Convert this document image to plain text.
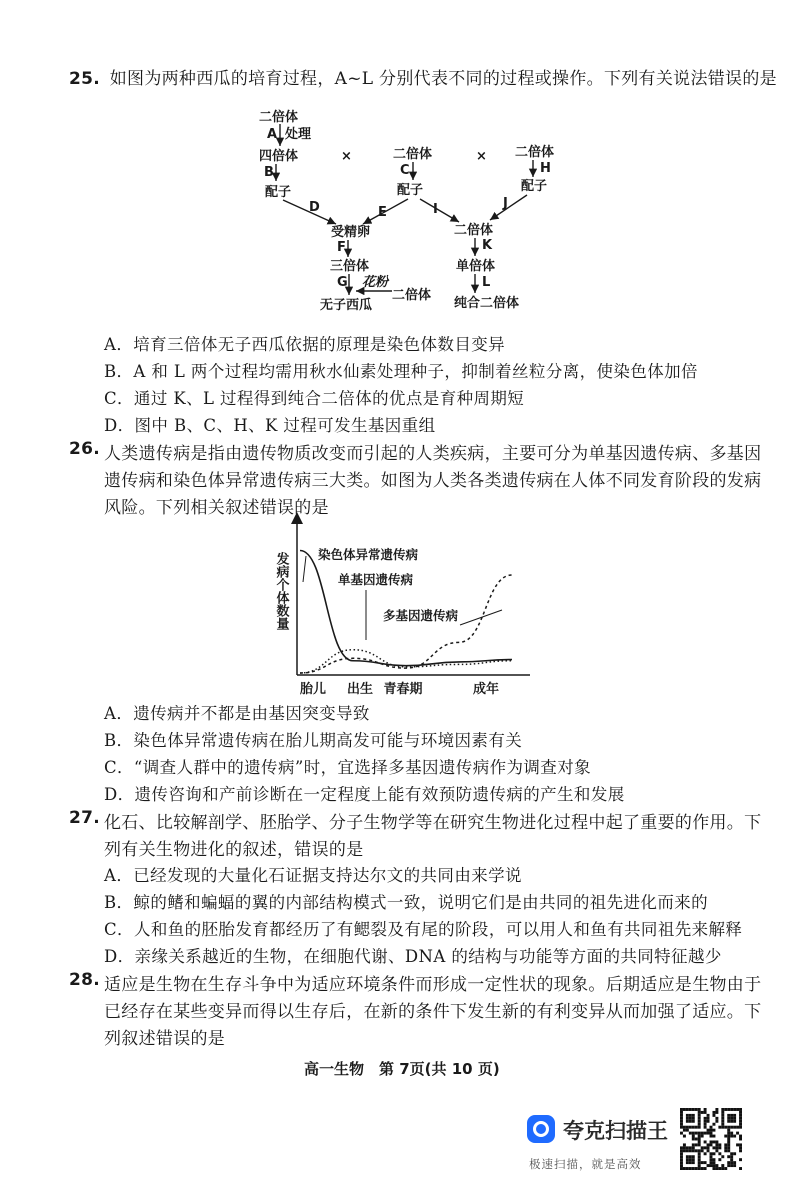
25. 如图为两种西瓜的培育过程，A~L 分别代表不同的过程或操作。下列有关说法错误的是
二倍体
A 处理
四倍体	×	二倍体	× 二倍体
B	C	H
配子	配子	配子
D	E	I	J
受精卵	二倍体
F	K
三倍体	单倍体
G 花粉	L
无子西瓜
二倍体
纯合二倍体
A．培育三倍体无子西瓜依据的原理是染色体数目变异
B．A 和 L 两个过程均需用秋水仙素处理种子，抑制着丝粒分离，使染色体加倍
C．通过 K、L 过程得到纯合二倍体的优点是育种周期短
D．图中 B、C、H、K 过程可发生基因重组
26. 人类遗传病是指由遗传物质改变而引起的人类疾病，主要可分为单基因遗传病、多基因
遗传病和染色体异常遗传病三大类。如图为人类各类遗传病在人体不同发育阶段的发病
风险。下列相关叙述错误的是
发病个体数量 染色体异常遗传病
单基因遗传病
多基因遗传病
胎儿 出生 青春期	成年
A．遗传病并不都是由基因突变导致
B．染色体异常遗传病在胎儿期高发可能与环境因素有关
C．“调查人群中的遗传病”时，宜选择多基因遗传病作为调查对象
D．遗传咨询和产前诊断在一定程度上能有效预防遗传病的产生和发展
27. 化石、比较解剖学、胚胎学、分子生物学等在研究生物进化过程中起了重要的作用。下
列有关生物进化的叙述，错误的是
A．已经发现的大量化石证据支持达尔文的共同由来学说
B．鲸的鳍和蝙蝠的翼的内部结构模式一致，说明它们是由共同的祖先进化而来的
C．人和鱼的胚胎发育都经历了有鳃裂及有尾的阶段，可以用人和鱼有共同祖先来解释
D．亲缘关系越近的生物，在细胞代谢、DNA 的结构与功能等方面的共同特征越少
28. 适应是生物在生存斗争中为适应环境条件而形成一定性状的现象。后期适应是生物由于
已经存在某些变异而得以生存后，在新的条件下发生新的有利变异从而加强了适应。下
列叙述错误的是
高一生物　第 7页(共 10 页)
夸克扫描王
极速扫描，就是高效
